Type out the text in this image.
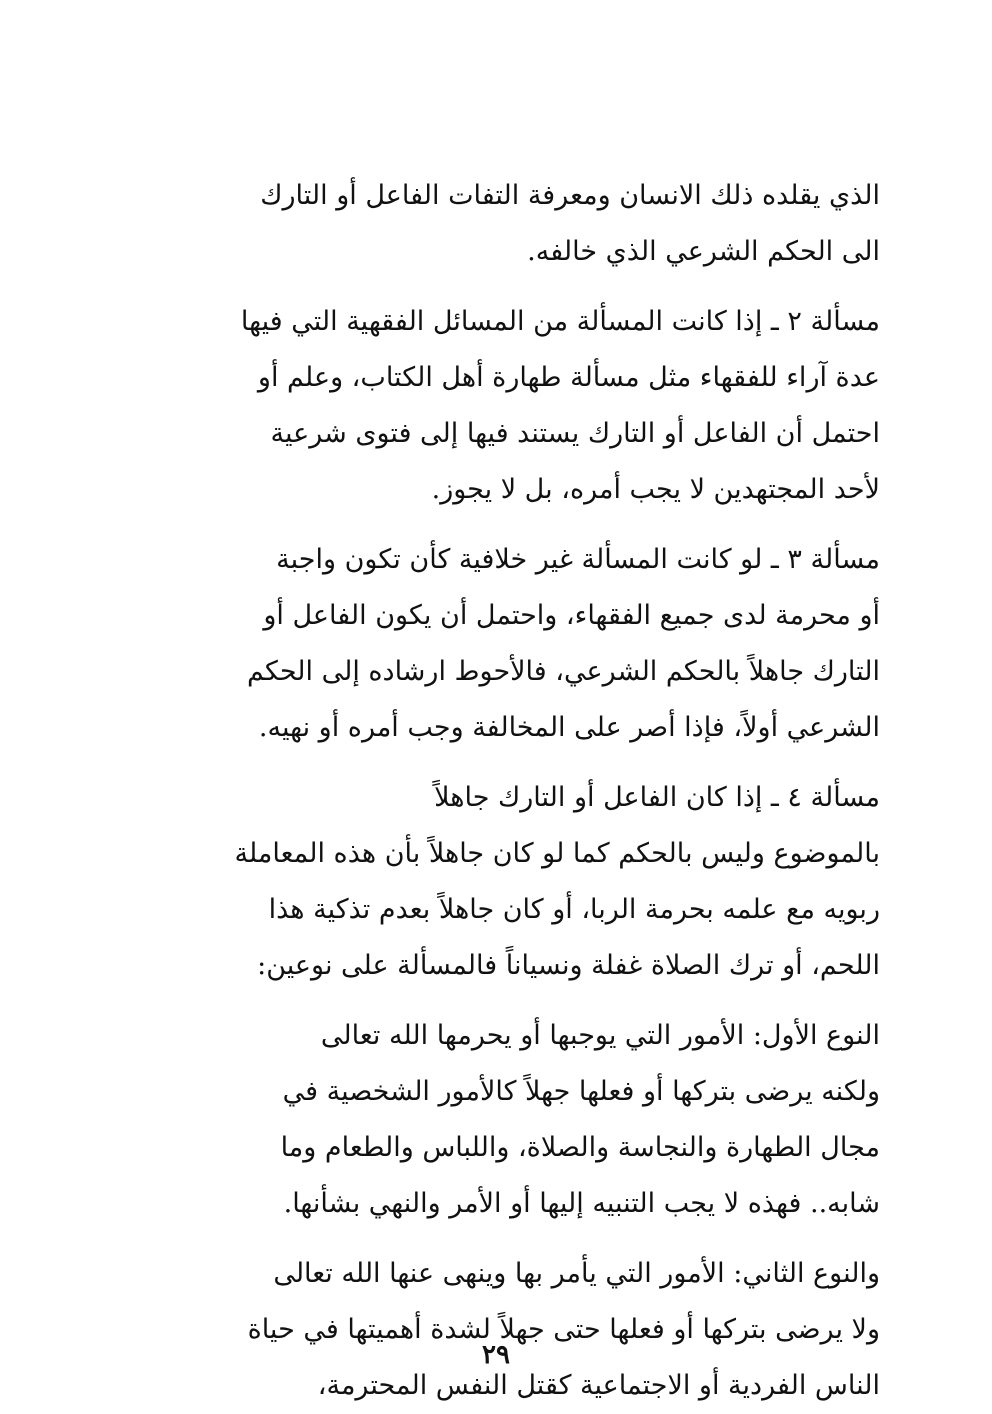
الذي يقلده ذلك الانسان ومعرفة التفات الفاعل أو التارك
الى الحكم الشرعي الذي خالفه.
مسألة ٢ ـ إذا كانت المسألة من المسائل الفقهية التي فيها
عدة آراء للفقهاء مثل مسألة طهارة أهل الكتاب، وعلم أو
احتمل أن الفاعل أو التارك يستند فيها إلى فتوى شرعية
لأحد المجتهدين لا يجب أمره، بل لا يجوز.
مسألة ٣ ـ لو كانت المسألة غير خلافية كأن تكون واجبة
أو محرمة لدى جميع الفقهاء، واحتمل أن يكون الفاعل أو
التارك جاهلاً بالحكم الشرعي، فالأحوط ارشاده إلى الحكم
الشرعي أولاً، فإذا أصر على المخالفة وجب أمره أو نهيه.
مسألة ٤ ـ إذا كان الفاعل أو التارك جاهلاً
بالموضوع وليس بالحكم كما لو كان جاهلاً بأن هذه المعاملة
ربويه مع علمه بحرمة الربا، أو كان جاهلاً بعدم تذكية هذا
اللحم، أو ترك الصلاة غفلة ونسياناً فالمسألة على نوعين:
النوع الأول: الأمور التي يوجبها أو يحرمها الله تعالى
ولكنه يرضى بتركها أو فعلها جهلاً كالأمور الشخصية في
مجال الطهارة والنجاسة والصلاة، واللباس والطعام وما
شابه.. فهذه لا يجب التنبيه إليها أو الأمر والنهي بشأنها.
والنوع الثاني: الأمور التي يأمر بها وينهى عنها الله تعالى
ولا يرضى بتركها أو فعلها حتى جهلاً لشدة أهميتها في حياة
الناس الفردية أو الاجتماعية كقتل النفس المحترمة،
٢٩
